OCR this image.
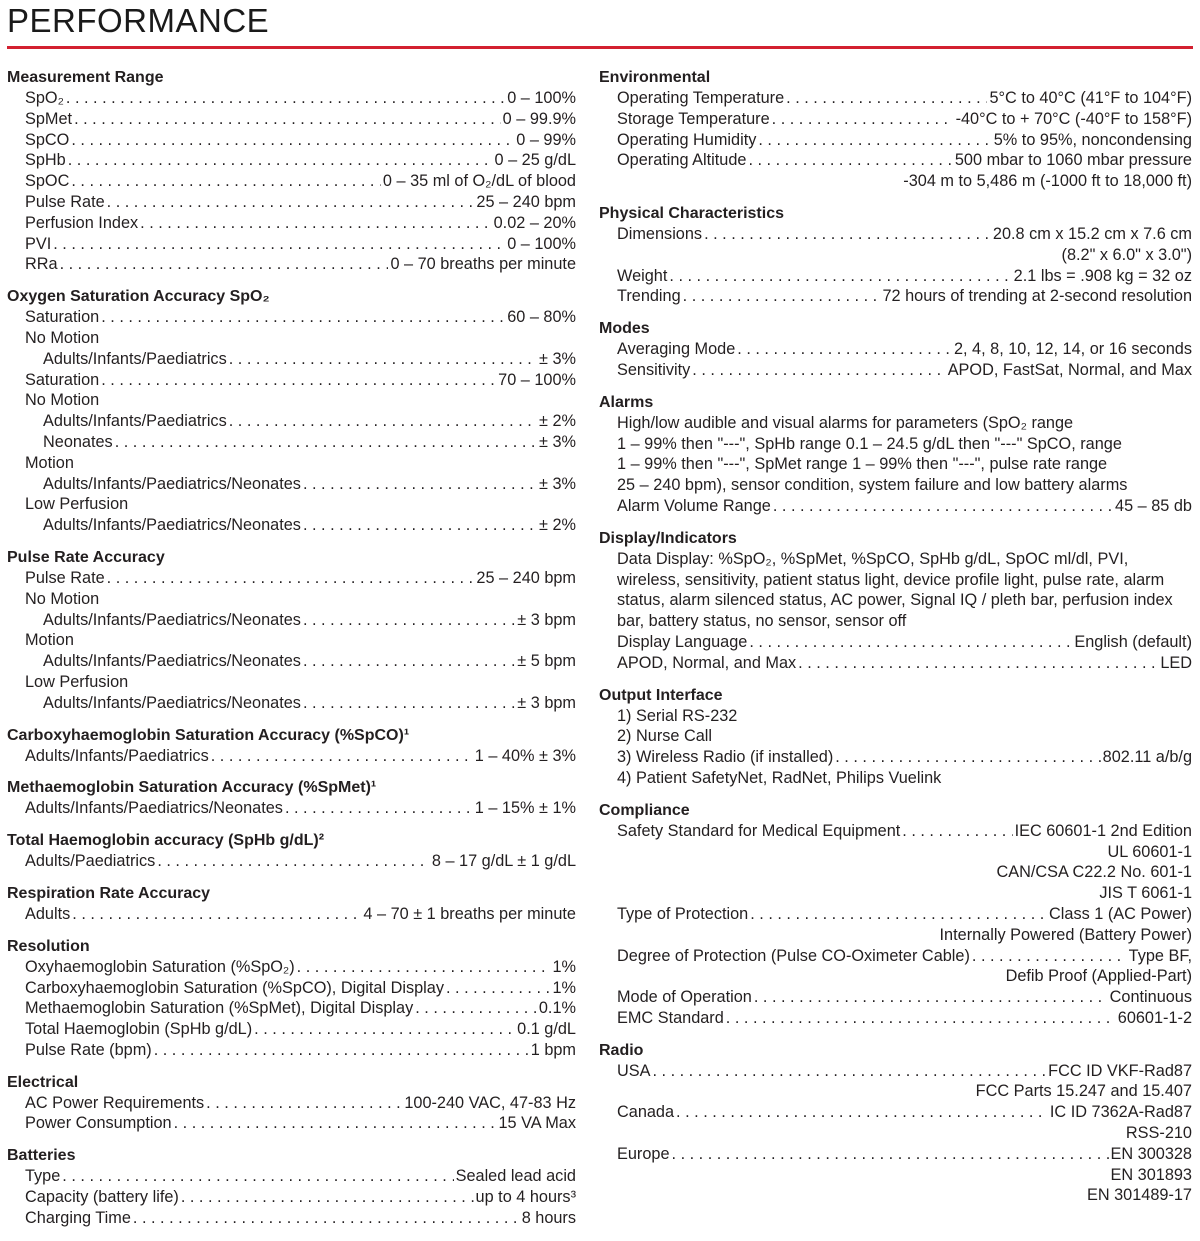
PERFORMANCE
Measurement Range
SpO₂ . . .	0 – 100%
SpMet . . .	0 – 99.9%
SpCO . . .	0 – 99%
SpHb . . .	0 – 25 g/dL
SpOC . . .	0 – 35 ml of O₂/dL of blood
Pulse Rate . . .	25 – 240 bpm
Perfusion Index . . .	0.02 – 20%
PVI . . .	0 – 100%
RRa . . .	0 – 70 breaths per minute
Oxygen Saturation Accuracy SpO₂
Saturation . . .	60 – 80%
No Motion
Adults/Infants/Paediatrics . . .	± 3%
Saturation . . .	70 – 100%
No Motion
Adults/Infants/Paediatrics . . .	± 2%
Neonates . . .	± 3%
Motion
Adults/Infants/Paediatrics/Neonates . . .	± 3%
Low Perfusion
Adults/Infants/Paediatrics/Neonates . . .	± 2%
Pulse Rate Accuracy
Pulse Rate . . .	25 – 240 bpm
No Motion
Adults/Infants/Paediatrics/Neonates . . .	± 3 bpm
Motion
Adults/Infants/Paediatrics/Neonates . . .	± 5 bpm
Low Perfusion
Adults/Infants/Paediatrics/Neonates . . .	± 3 bpm
Carboxyhaemoglobin Saturation Accuracy (%SpCO)¹
Adults/Infants/Paediatrics . . .	1 – 40% ± 3%
Methaemoglobin Saturation Accuracy (%SpMet)¹
Adults/Infants/Paediatrics/Neonates . . .	1 – 15% ± 1%
Total Haemoglobin accuracy (SpHb g/dL)²
Adults/Paediatrics . . .	8 – 17 g/dL ± 1 g/dL
Respiration Rate Accuracy
Adults . . .	4 – 70 ± 1 breaths per minute
Resolution
Oxyhaemoglobin Saturation (%SpO₂) . . .	1%
Carboxyhaemoglobin Saturation (%SpCO), Digital Display . . .	1%
Methaemoglobin Saturation (%SpMet), Digital Display . . .	0.1%
Total Haemoglobin (SpHb g/dL) . . .	0.1 g/dL
Pulse Rate (bpm) . . .	1 bpm
Electrical
AC Power Requirements . . .	100-240 VAC, 47-83 Hz
Power Consumption . . .	15 VA Max
Batteries
Type . . .	Sealed lead acid
Capacity (battery life) . . .	up to 4 hours³
Charging Time . . .	8 hours
Environmental
Operating Temperature . . .	5°C to 40°C (41°F to 104°F)
Storage Temperature . . .	-40°C to + 70°C (-40°F to 158°F)
Operating Humidity . . .	5% to 95%, noncondensing
Operating Altitude . . .	500 mbar to 1060 mbar pressure
-304 m to 5,486 m (-1000 ft to 18,000 ft)
Physical Characteristics
Dimensions . . .	20.8 cm x 15.2 cm x 7.6 cm
(8.2" x 6.0" x 3.0")
Weight . . .	2.1 lbs = .908 kg = 32 oz
Trending . . .	72 hours of trending at 2-second resolution
Modes
Averaging Mode . . .	2, 4, 8, 10, 12, 14, or 16 seconds
Sensitivity . . .	APOD, FastSat, Normal, and Max
Alarms
High/low audible and visual alarms for parameters (SpO₂ range
1 – 99% then "---", SpHb range 0.1 – 24.5 g/dL then "---" SpCO, range
1 – 99% then "---", SpMet range 1 – 99% then "---", pulse rate range
25 – 240 bpm), sensor condition, system failure and low battery alarms
Alarm Volume Range . . .	45 – 85 db
Display/Indicators
Data Display: %SpO₂, %SpMet, %SpCO, SpHb g/dL, SpOC ml/dl, PVI,
wireless, sensitivity, patient status light, device profile light, pulse rate, alarm
status, alarm silenced status, AC power, Signal IQ / pleth bar, perfusion index
bar, battery status, no sensor, sensor off
Display Language . . .	English (default)
APOD, Normal, and Max . . .	LED
Output Interface
1) Serial RS-232
2) Nurse Call
3) Wireless Radio (if installed) . . .	802.11 a/b/g
4) Patient SafetyNet, RadNet, Philips Vuelink
Compliance
Safety Standard for Medical Equipment . . .	IEC 60601-1 2nd Edition
UL 60601-1
CAN/CSA C22.2 No. 601-1
JIS T 6061-1
Type of Protection . . .	Class 1 (AC Power)
Internally Powered (Battery Power)
Degree of Protection (Pulse CO-Oximeter Cable) . . .	Type BF,
Defib Proof (Applied-Part)
Mode of Operation . . .	Continuous
EMC Standard . . .	60601-1-2
Radio
USA . . .	FCC ID VKF-Rad87
FCC Parts 15.247 and 15.407
Canada . . .	IC ID 7362A-Rad87
RSS-210
Europe . . .	EN 300328
EN 301893
EN 301489-17
